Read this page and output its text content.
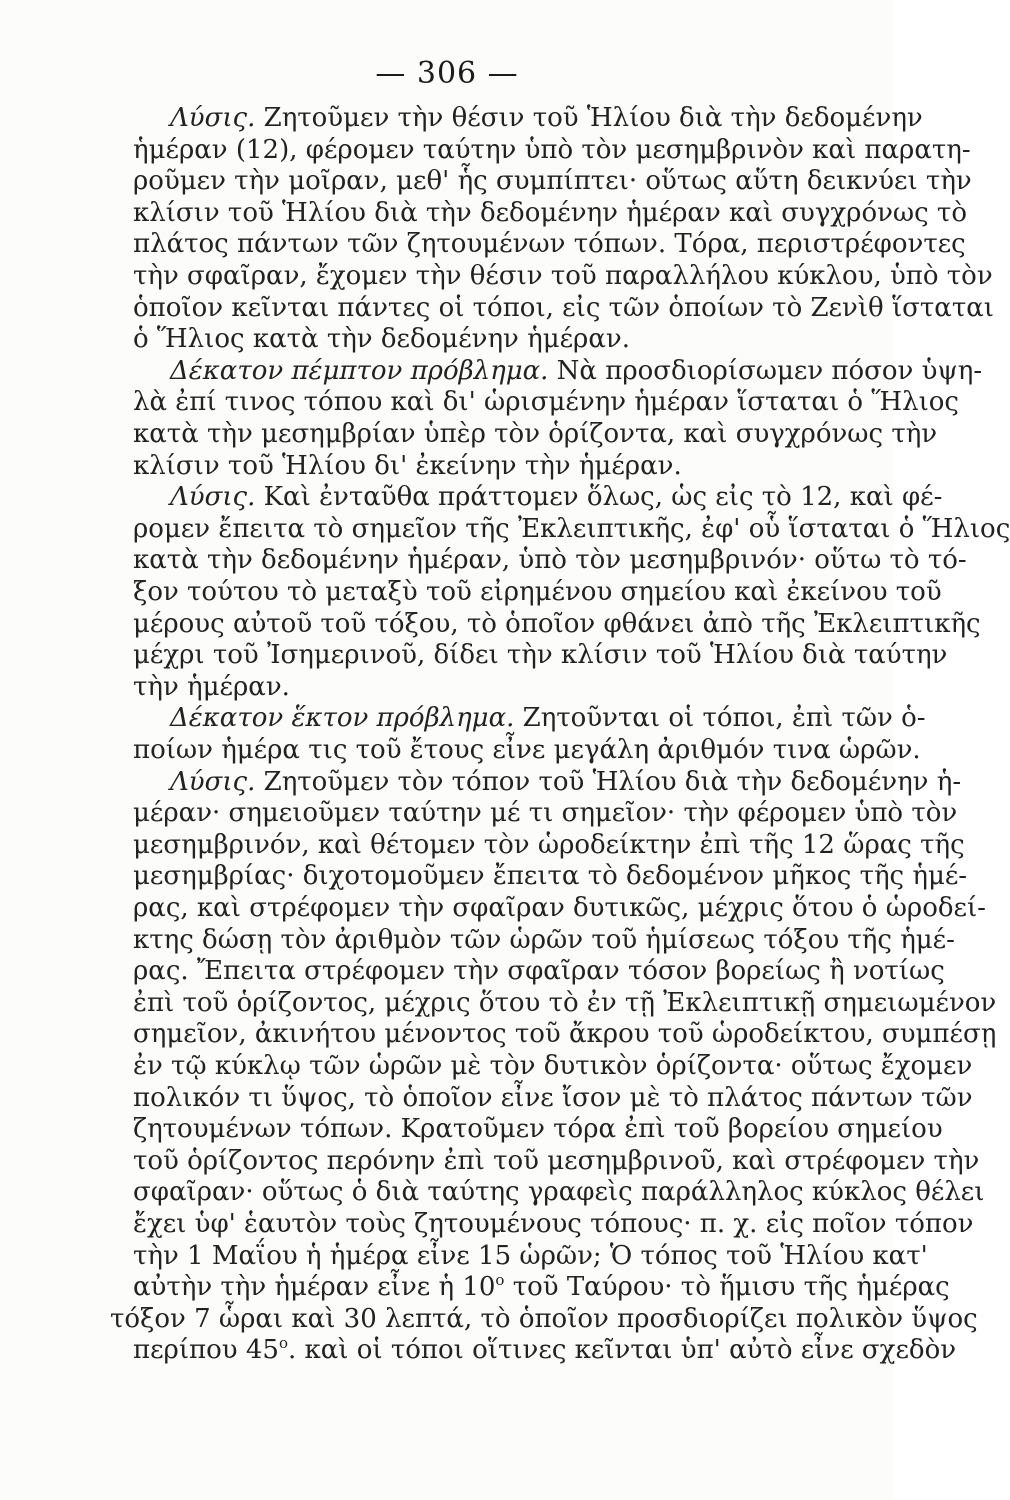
— 306 —
Λύσις. Ζητοῦμεν τὴν θέσιν τοῦ Ἡλίου διὰ τὴν δεδομένην
ἡμέραν (12), φέρομεν ταύτην ὑπὸ τὸν μεσημβρινὸν καὶ παρατη-
ροῦμεν τὴν μοῖραν, μεθ' ἧς συμπίπτει· οὕτως αὕτη δεικνύει τὴν
κλίσιν τοῦ Ἡλίου διὰ τὴν δεδομένην ἡμέραν καὶ συγχρόνως τὸ
πλάτος πάντων τῶν ζητουμένων τόπων. Τόρα, περιστρέφοντες
τὴν σφαῖραν, ἔχομεν τὴν θέσιν τοῦ παραλλήλου κύκλου, ὑπὸ τὸν
ὁποῖον κεῖνται πάντες οἱ τόποι, εἰς τῶν ὁποίων τὸ Ζενὶθ ἵσταται
ὁ Ἥλιος κατὰ τὴν δεδομένην ἡμέραν.
Δέκατον πέμπτον πρόβλημα. Νὰ προσδιορίσωμεν πόσον ὑψη-
λὰ ἐπί τινος τόπου καὶ δι' ὡρισμένην ἡμέραν ἵσταται ὁ Ἥλιος
κατὰ τὴν μεσημβρίαν ὑπὲρ τὸν ὁρίζοντα, καὶ συγχρόνως τὴν
κλίσιν τοῦ Ἡλίου δι' ἐκείνην τὴν ἡμέραν.
Λύσις. Καὶ ἐνταῦθα πράττομεν ὅλως, ὡς εἰς τὸ 12, καὶ φέ-
ρομεν ἔπειτα τὸ σημεῖον τῆς Ἐκλειπτικῆς, ἐφ' οὗ ἵσταται ὁ Ἥλιος
κατὰ τὴν δεδομένην ἡμέραν, ὑπὸ τὸν μεσημβρινόν· οὕτω τὸ τό-
ξον τούτου τὸ μεταξὺ τοῦ εἰρημένου σημείου καὶ ἐκείνου τοῦ
μέρους αὐτοῦ τοῦ τόξου, τὸ ὁποῖον φθάνει ἀπὸ τῆς Ἐκλειπτικῆς
μέχρι τοῦ Ἰσημερινοῦ, δίδει τὴν κλίσιν τοῦ Ἡλίου διὰ ταύτην
τὴν ἡμέραν.
Δέκατον ἕκτον πρόβλημα. Ζητοῦνται οἱ τόποι, ἐπὶ τῶν ὁ-
ποίων ἡμέρα τις τοῦ ἔτους εἶνε μεγάλη ἀριθμόν τινα ὡρῶν.
Λύσις. Ζητοῦμεν τὸν τόπον τοῦ Ἡλίου διὰ τὴν δεδομένην ἡ-
μέραν· σημειοῦμεν ταύτην μέ τι σημεῖον· τὴν φέρομεν ὑπὸ τὸν
μεσημβρινόν, καὶ θέτομεν τὸν ὡροδείκτην ἐπὶ τῆς 12 ὥρας τῆς
μεσημβρίας· διχοτομοῦμεν ἔπειτα τὸ δεδομένον μῆκος τῆς ἡμέ-
ρας, καὶ στρέφομεν τὴν σφαῖραν δυτικῶς, μέχρις ὅτου ὁ ὡροδεί-
κτης δώσῃ τὸν ἀριθμὸν τῶν ὡρῶν τοῦ ἡμίσεως τόξου τῆς ἡμέ-
ρας. Ἔπειτα στρέφομεν τὴν σφαῖραν τόσον βορείως ἢ νοτίως
ἐπὶ τοῦ ὁρίζοντος, μέχρις ὅτου τὸ ἐν τῇ Ἐκλειπτικῇ σημειωμένον
σημεῖον, ἀκινήτου μένοντος τοῦ ἄκρου τοῦ ὡροδείκτου, συμπέσῃ
ἐν τῷ κύκλῳ τῶν ὡρῶν μὲ τὸν δυτικὸν ὁρίζοντα· οὕτως ἔχομεν
πολικόν τι ὕψος, τὸ ὁποῖον εἶνε ἴσον μὲ τὸ πλάτος πάντων τῶν
ζητουμένων τόπων. Κρατοῦμεν τόρα ἐπὶ τοῦ βορείου σημείου
τοῦ ὁρίζοντος περόνην ἐπὶ τοῦ μεσημβρινοῦ, καὶ στρέφομεν τὴν
σφαῖραν· οὕτως ὁ διὰ ταύτης γραφεὶς παράλληλος κύκλος θέλει
ἔχει ὑφ' ἑαυτὸν τοὺς ζητουμένους τόπους· π. χ. εἰς ποῖον τόπον
τὴν 1 Μαΐου ἡ ἡμέρα εἶνε 15 ὡρῶν; Ὁ τόπος τοῦ Ἡλίου κατ'
αὐτὴν τὴν ἡμέραν εἶνε ἡ $10^o$ τοῦ Ταύρου· τὸ ἥμισυ τῆς ἡμέρας
τόξον 7 ὧραι καὶ 30 λεπτά, τὸ ὁποῖον προσδιορίζει πολικὸν ὕψος
περίπου $45^o$. καὶ οἱ τόποι οἵτινες κεῖνται ὑπ' αὐτὸ εἶνε σχεδὸν
